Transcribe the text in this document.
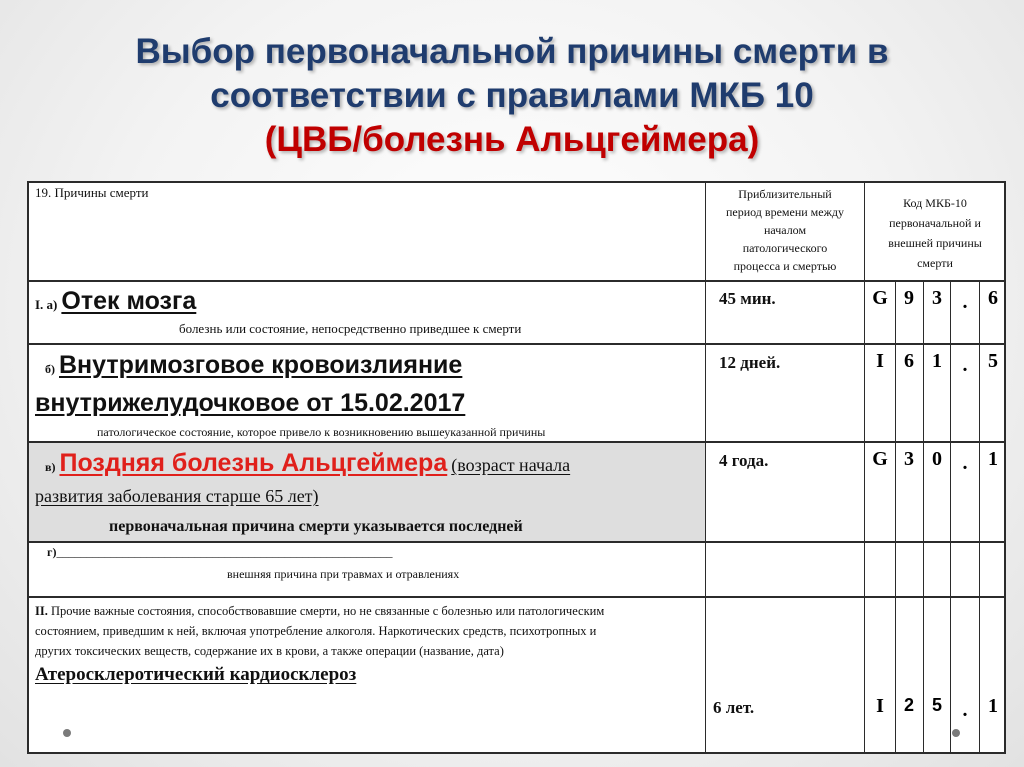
Выбор первоначальной причины смерти в
соответствии с правилами МКБ 10
(ЦВБ/болезнь Альцгеймера)
19. Причины смерти	Приблизительный
период времени между
началом
патологического
процесса и смертью
Код МКБ-10
первоначальной и
внешней причины
смерти
I. а) Отек мозга
болезнь или состояние, непосредственно приведшее к смерти
45 мин.	G 9 3	.	6
б) Внутримозговое кровоизлияние
внутрижелудочковое от 15.02.2017
патологическое состояние, которое привело к возникновению вышеуказанной причины
12 дней.	I	6 1	.	5
в) Поздняя болезнь Альцгеймера (возраст начала
развития заболевания старше 65 лет)
первоначальная причина смерти указывается последней
4 года.	G 3 0	.	1
г)________________________________________________________
внешняя причина при травмах и отравлениях
II. Прочие важные состояния, способствовавшие смерти, но не связанные с болезнью или патологическим
состоянием, приведшим к ней, включая употребление алкоголя. Наркотических средств, психотропных и
других токсических веществ, содержание их в крови, а также операции (название, дата)
Атеросклеротический кардиосклероз
6 лет.	I	2 5	.	1
